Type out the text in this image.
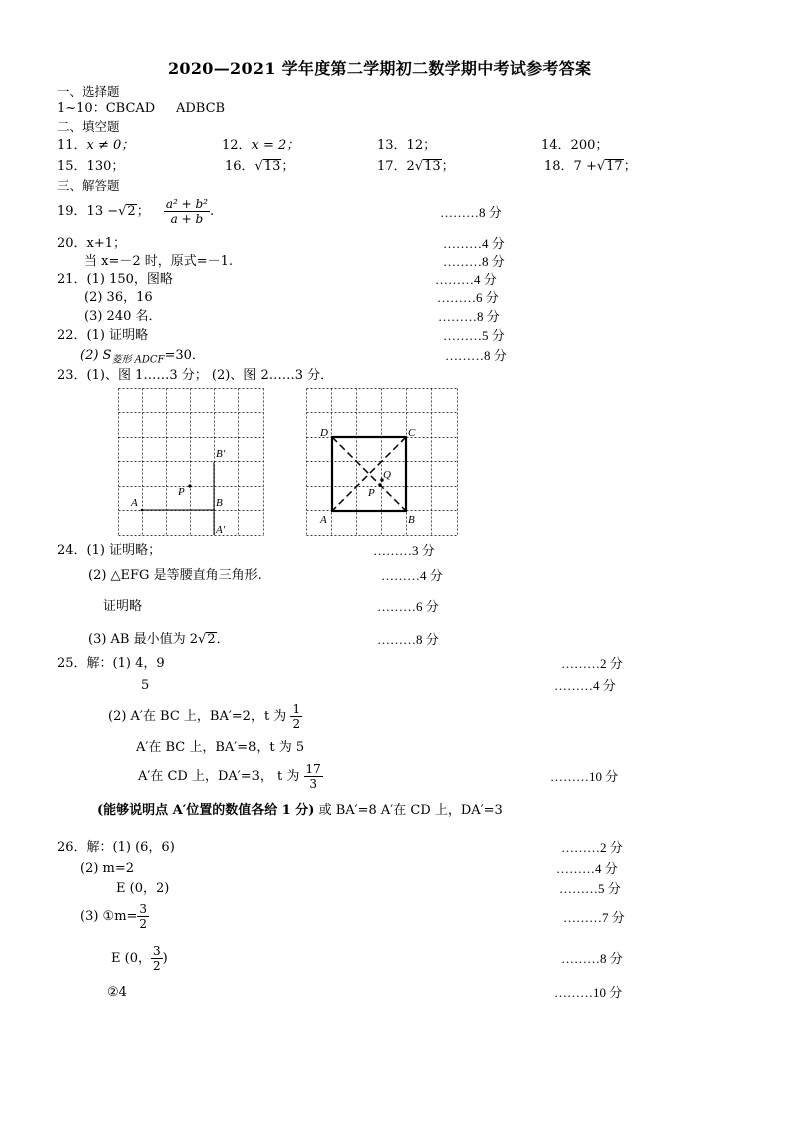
2020—2021 学年度第二学期初二数学期中考试参考答案
一、选择题
1~10：CBCAD ADBCB
二、填空题
11．x ≠ 0；	12．x = 2；	13．12；	14．200；
15．130；	16．√13；	17．2√13；	18．7 +√17；
三、解答题
19．13 −√2； $\frac{\text{a² + b²}}{a + b}$ .	………8 分
20．x+1；	………4 分
当 x=－2 时，原式=－1.	………8 分
21．(1) 150，图略	………4 分
(2) 36，16	………6 分
(3) 240 名．	………8 分
22．(1) 证明略	………5 分
(2) $S_{菱形 ADCF}=30$．	………8 分
23．(1)、图 1……3 分； (2)、图 2……3 分．
B′
P
A	B
A′
D	C
Q
P
A	B
24．(1) 证明略；	………3 分
(2) △EFG 是等腰直角三角形.	………4 分
证明略	………6 分
(3) AB 最小值为 2√2．	………8 分
25．解：(1) 4，9	………2 分
5	………4 分
(2) A′在 BC 上，BA′=2，t 为 $\frac{1}{2}$
A′在 BC 上，BA′=8，t 为 5
A′在 CD 上，DA′=3， t 为 $\frac{17}{3}$	………10 分
(能够说明点 A′位置的数值各给 1 分) 或 BA′=8 A′在 CD 上，DA′=3
26．解：(1) (6，6)	………2 分
(2) m=2	………4 分
E (0，2)	………5 分
(3) ①m= $\frac{3}{2}$	………7 分
E (0， $\frac{3}{2}$ )	………8 分
②4	………10 分
